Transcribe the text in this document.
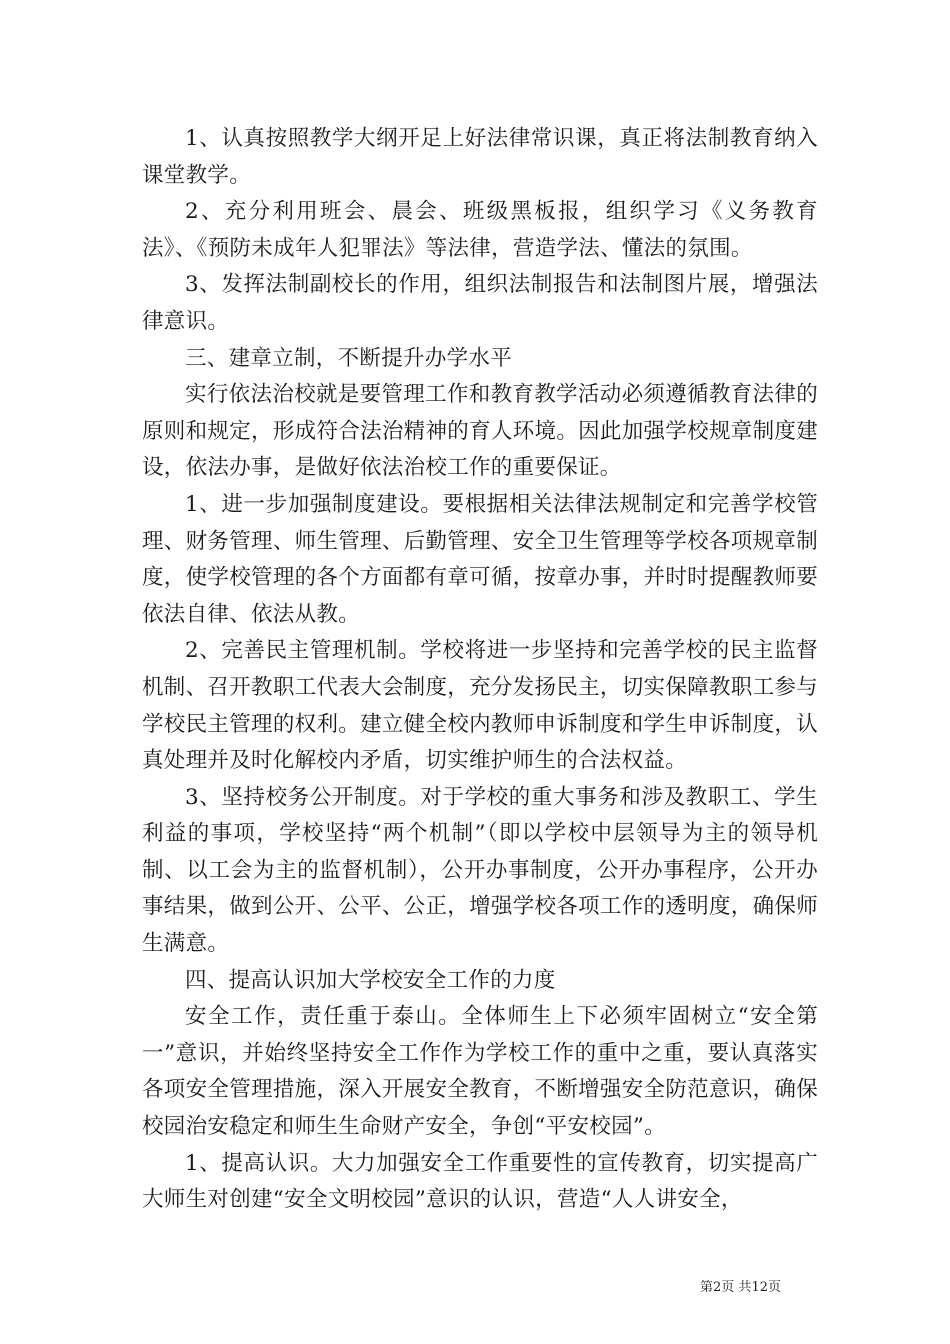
1、认真按照教学大纲开足上好法律常识课，真正将法制教育纳入课堂教学。

2、充分利用班会、晨会、班级黑板报，组织学习《义务教育法》、《预防未成年人犯罪法》等法律，营造学法、懂法的氛围。

3、发挥法制副校长的作用，组织法制报告和法制图片展，增强法律意识。

三、建章立制，不断提升办学水平

实行依法治校就是要管理工作和教育教学活动必须遵循教育法律的原则和规定，形成符合法治精神的育人环境。因此加强学校规章制度建设，依法办事，是做好依法治校工作的重要保证。

1、进一步加强制度建设。要根据相关法律法规制定和完善学校管理、财务管理、师生管理、后勤管理、安全卫生管理等学校各项规章制度，使学校管理的各个方面都有章可循，按章办事，并时时提醒教师要依法自律、依法从教。

2、完善民主管理机制。学校将进一步坚持和完善学校的民主监督机制、召开教职工代表大会制度，充分发扬民主，切实保障教职工参与学校民主管理的权利。建立健全校内教师申诉制度和学生申诉制度，认真处理并及时化解校内矛盾，切实维护师生的合法权益。

3、坚持校务公开制度。对于学校的重大事务和涉及教职工、学生利益的事项，学校坚持“两个机制”（即以学校中层领导为主的领导机制、以工会为主的监督机制），公开办事制度，公开办事程序，公开办事结果，做到公开、公平、公正，增强学校各项工作的透明度，确保师生满意。

四、提高认识加大学校安全工作的力度

安全工作，责任重于泰山。全体师生上下必须牢固树立“安全第一”意识，并始终坚持安全工作作为学校工作的重中之重，要认真落实各项安全管理措施，深入开展安全教育，不断增强安全防范意识，确保校园治安稳定和师生生命财产安全，争创“平安校园”。

1、提高认识。大力加强安全工作重要性的宣传教育，切实提高广大师生对创建“安全文明校园”意识的认识，营造“人人讲安全，

第2页 共12页
